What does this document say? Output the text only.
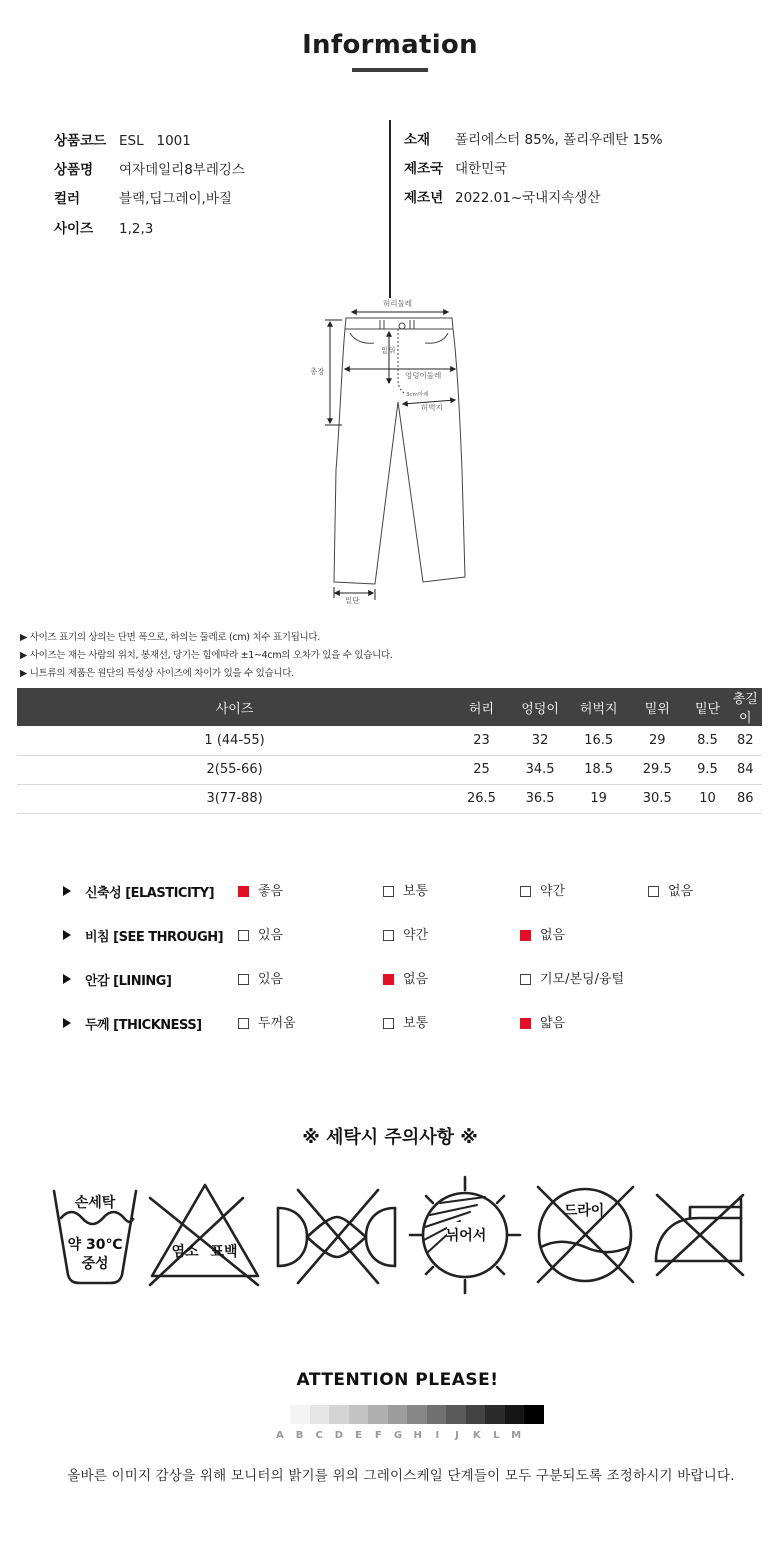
Information
상품코드 ESL   1001
상품명 여자데일리8부레깅스
컬러	블랙,딥그레이,바질
사이즈 1,2,3
소재 폴리에스터 85%, 폴리우레탄 15%
제조국 대한민국
제조년 2022.01~국내지속생산
허리둘레
밑위
엉덩이둘레
허벅지
3cm아래
총장
밑단
▶ 사이즈 표기의 상의는 단면 폭으로, 하의는 둘레로 (cm) 치수 표기됩니다.
▶ 사이즈는 재는 사람의 위치, 봉재선, 당기는 힘에따라 ±1~4cm의 오차가 있을 수 있습니다.
▶ 니트류의 제품은 원단의 특성상 사이즈에 차이가 있을 수 있습니다.
사이즈	허리	엉덩이	허벅지	밑위	밑단	총길이
1 (44-55)	23	32	16.5	29	8.5	82
2(55-66)	25	34.5	18.5	29.5	9.5	84
3(77-88)	26.5	36.5	19	30.5	10	86
신축성 [ELASTICITY]	좋음	보통	약간	없음
비침 [SEE THROUGH]	있음	약간	없음
안감 [LINING]	있음	없음	기모/본딩/융털
두께 [THICKNESS]	두꺼움	보통	얇음
※ 세탁시 주의사항 ※
손세탁
약 30℃
중성
염소 표백
뉘어서
드라이
ATTENTION PLEASE!
A	B	C	D	E	F	G	H	I	J	K	L	M
올바른 이미지 감상을 위해 모니터의 밝기를 위의 그레이스케일 단계들이 모두 구분되도록 조정하시기 바랍니다.
